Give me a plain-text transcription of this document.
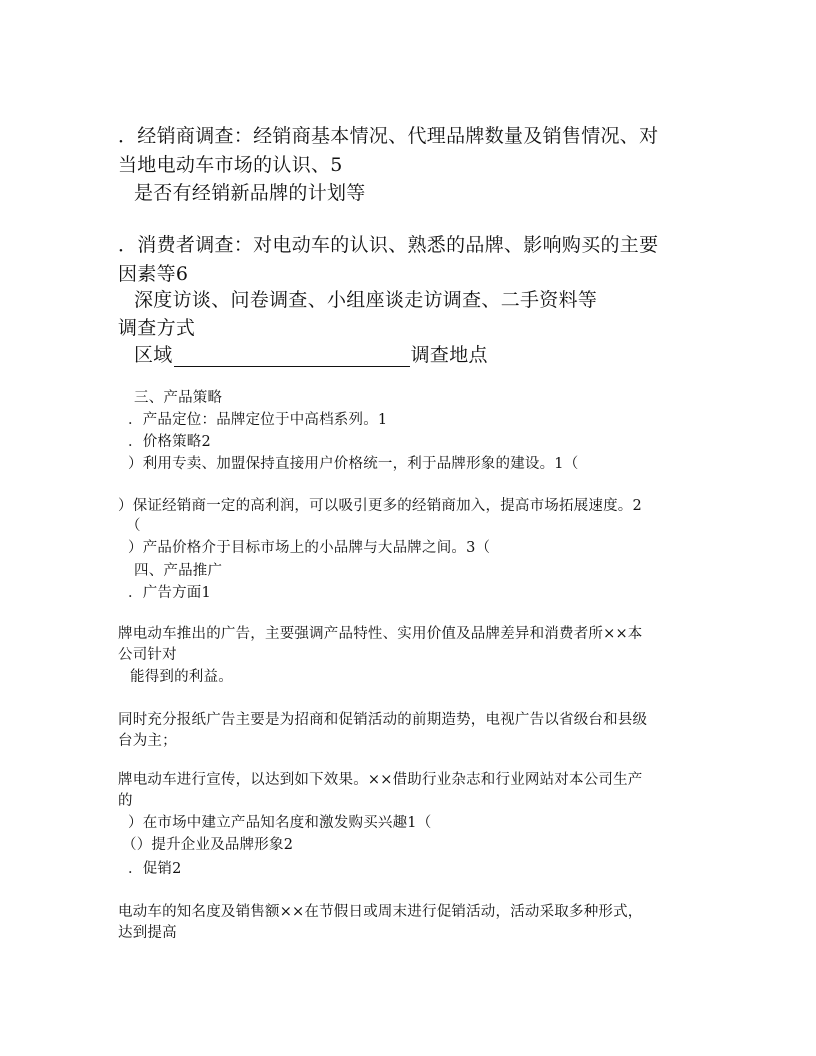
．经销商调查：经销商基本情况、代理品牌数量及销售情况、对
当地电动车市场的认识、5
是否有经销新品牌的计划等
．消费者调查：对电动车的认识、熟悉的品牌、影响购买的主要
因素等6
深度访谈、问卷调查、小组座谈走访调查、二手资料等
调查方式
区域	调查地点
三、产品策略
．产品定位：品牌定位于中高档系列。1
．价格策略2
）利用专卖、加盟保持直接用户价格统一，利于品牌形象的建设。1（
）保证经销商一定的高利润，可以吸引更多的经销商加入，提高市场拓展速度。2
（
）产品价格介于目标市场上的小品牌与大品牌之间。3（
四、产品推广
．广告方面1
牌电动车推出的广告，主要强调产品特性、实用价值及品牌差异和消费者所××本
公司针对
能得到的利益。
同时充分报纸广告主要是为招商和促销活动的前期造势，电视广告以省级台和县级
台为主；
牌电动车进行宣传，以达到如下效果。××借助行业杂志和行业网站对本公司生产
的
）在市场中建立产品知名度和激发购买兴趣1（
（）提升企业及品牌形象2
．促销2
电动车的知名度及销售额××在节假日或周末进行促销活动，活动采取多种形式，
达到提高
